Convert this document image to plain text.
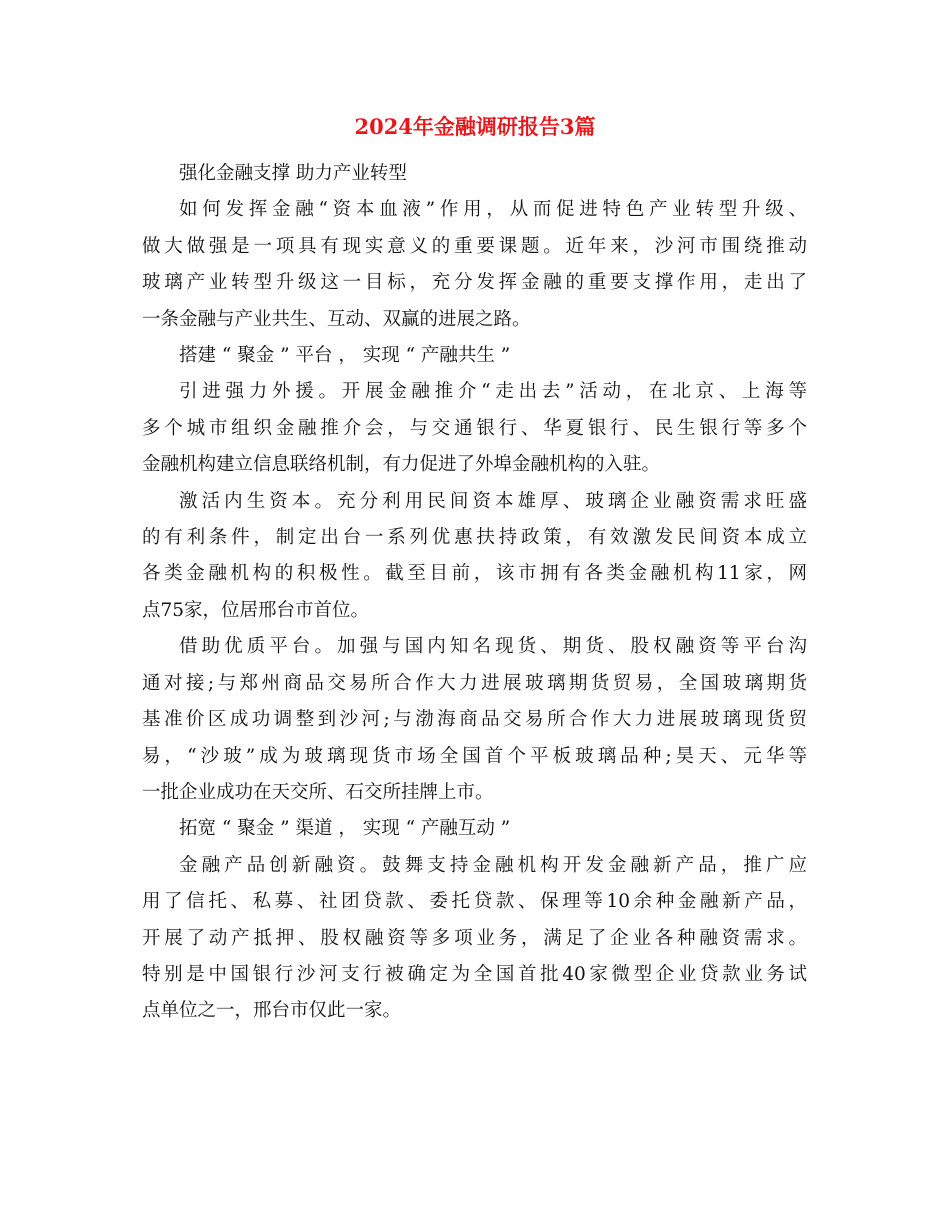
2024年金融调研报告3篇

强化金融支撑 助力产业转型

如何发挥金融“资本血液”作用，从而促进特色产业转型升级、
做大做强是一项具有现实意义的重要课题。近年来，沙河市围绕推动
玻璃产业转型升级这一目标，充分发挥金融的重要支撑作用，走出了
一条金融与产业共生、互动、双赢的进展之路。

搭建 “ 聚金 ” 平台 ， 实现 “ 产融共生 ”

引进强力外援。开展金融推介“走出去”活动，在北京、上海等
多个城市组织金融推介会，与交通银行、华夏银行、民生银行等多个
金融机构建立信息联络机制，有力促进了外埠金融机构的入驻。

激活内生资本。充分利用民间资本雄厚、玻璃企业融资需求旺盛
的有利条件，制定出台一系列优惠扶持政策，有效激发民间资本成立
各类金融机构的积极性。截至目前，该市拥有各类金融机构11家，网
点75家，位居邢台市首位。

借助优质平台。加强与国内知名现货、期货、股权融资等平台沟
通对接;与郑州商品交易所合作大力进展玻璃期货贸易，全国玻璃期货
基准价区成功调整到沙河;与渤海商品交易所合作大力进展玻璃现货贸
易，“沙玻”成为玻璃现货市场全国首个平板玻璃品种;昊天、元华等
一批企业成功在天交所、石交所挂牌上市。

拓宽 “ 聚金 ” 渠道 ， 实现 “ 产融互动 ”

金融产品创新融资。鼓舞支持金融机构开发金融新产品，推广应
用了信托、私募、社团贷款、委托贷款、保理等10余种金融新产品，
开展了动产抵押、股权融资等多项业务，满足了企业各种融资需求。
特别是中国银行沙河支行被确定为全国首批40家微型企业贷款业务试
点单位之一，邢台市仅此一家。
